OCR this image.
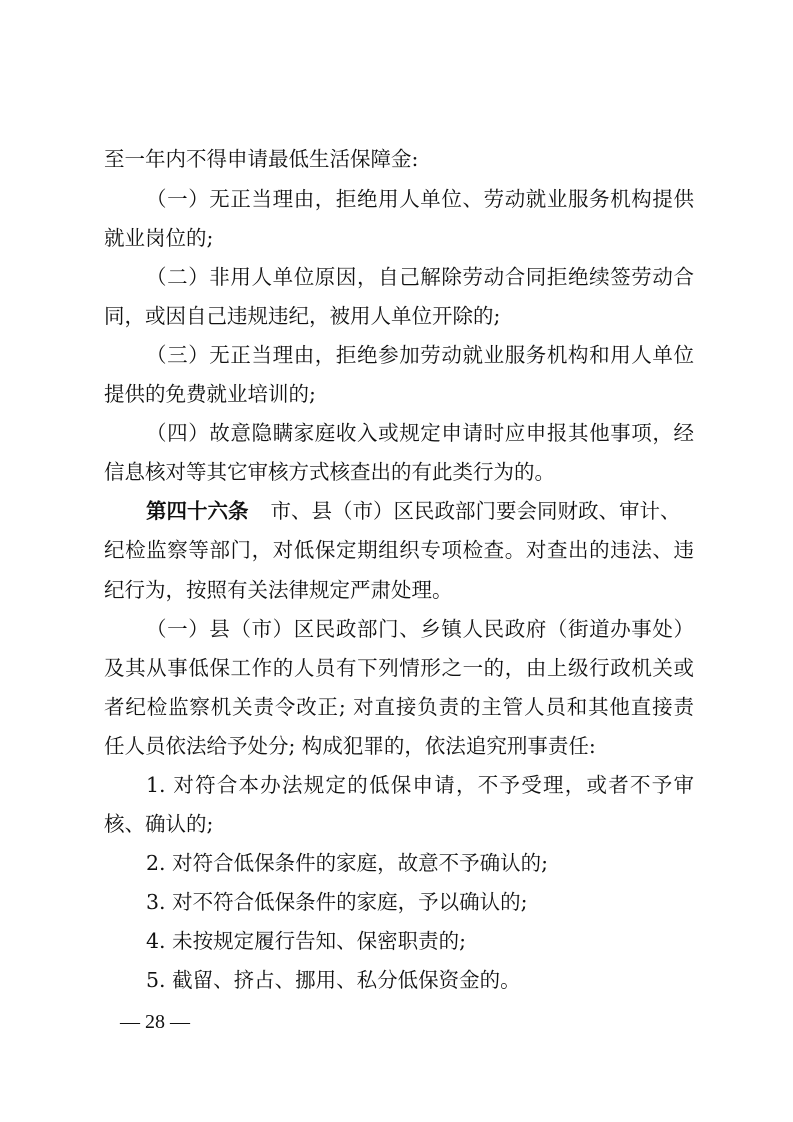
至一年内不得申请最低生活保障金:
（一）无正当理由，拒绝用人单位、劳动就业服务机构提供
就业岗位的;
（二）非用人单位原因，自己解除劳动合同拒绝续签劳动合
同，或因自己违规违纪，被用人单位开除的;
（三）无正当理由，拒绝参加劳动就业服务机构和用人单位
提供的免费就业培训的;
（四）故意隐瞒家庭收入或规定申请时应申报其他事项，经
信息核对等其它审核方式核查出的有此类行为的。
第四十六条 市、县（市）区民政部门要会同财政、审计、
纪检监察等部门，对低保定期组织专项检查。对查出的违法、违
纪行为，按照有关法律规定严肃处理。
（一）县（市）区民政部门、乡镇人民政府（街道办事处）
及其从事低保工作的人员有下列情形之一的，由上级行政机关或
者纪检监察机关责令改正; 对直接负责的主管人员和其他直接责
任人员依法给予处分; 构成犯罪的，依法追究刑事责任:
1. 对符合本办法规定的低保申请，不予受理，或者不予审
核、确认的;
2. 对符合低保条件的家庭，故意不予确认的;
3. 对不符合低保条件的家庭，予以确认的;
4. 未按规定履行告知、保密职责的;
5. 截留、挤占、挪用、私分低保资金的。
— 28 —
